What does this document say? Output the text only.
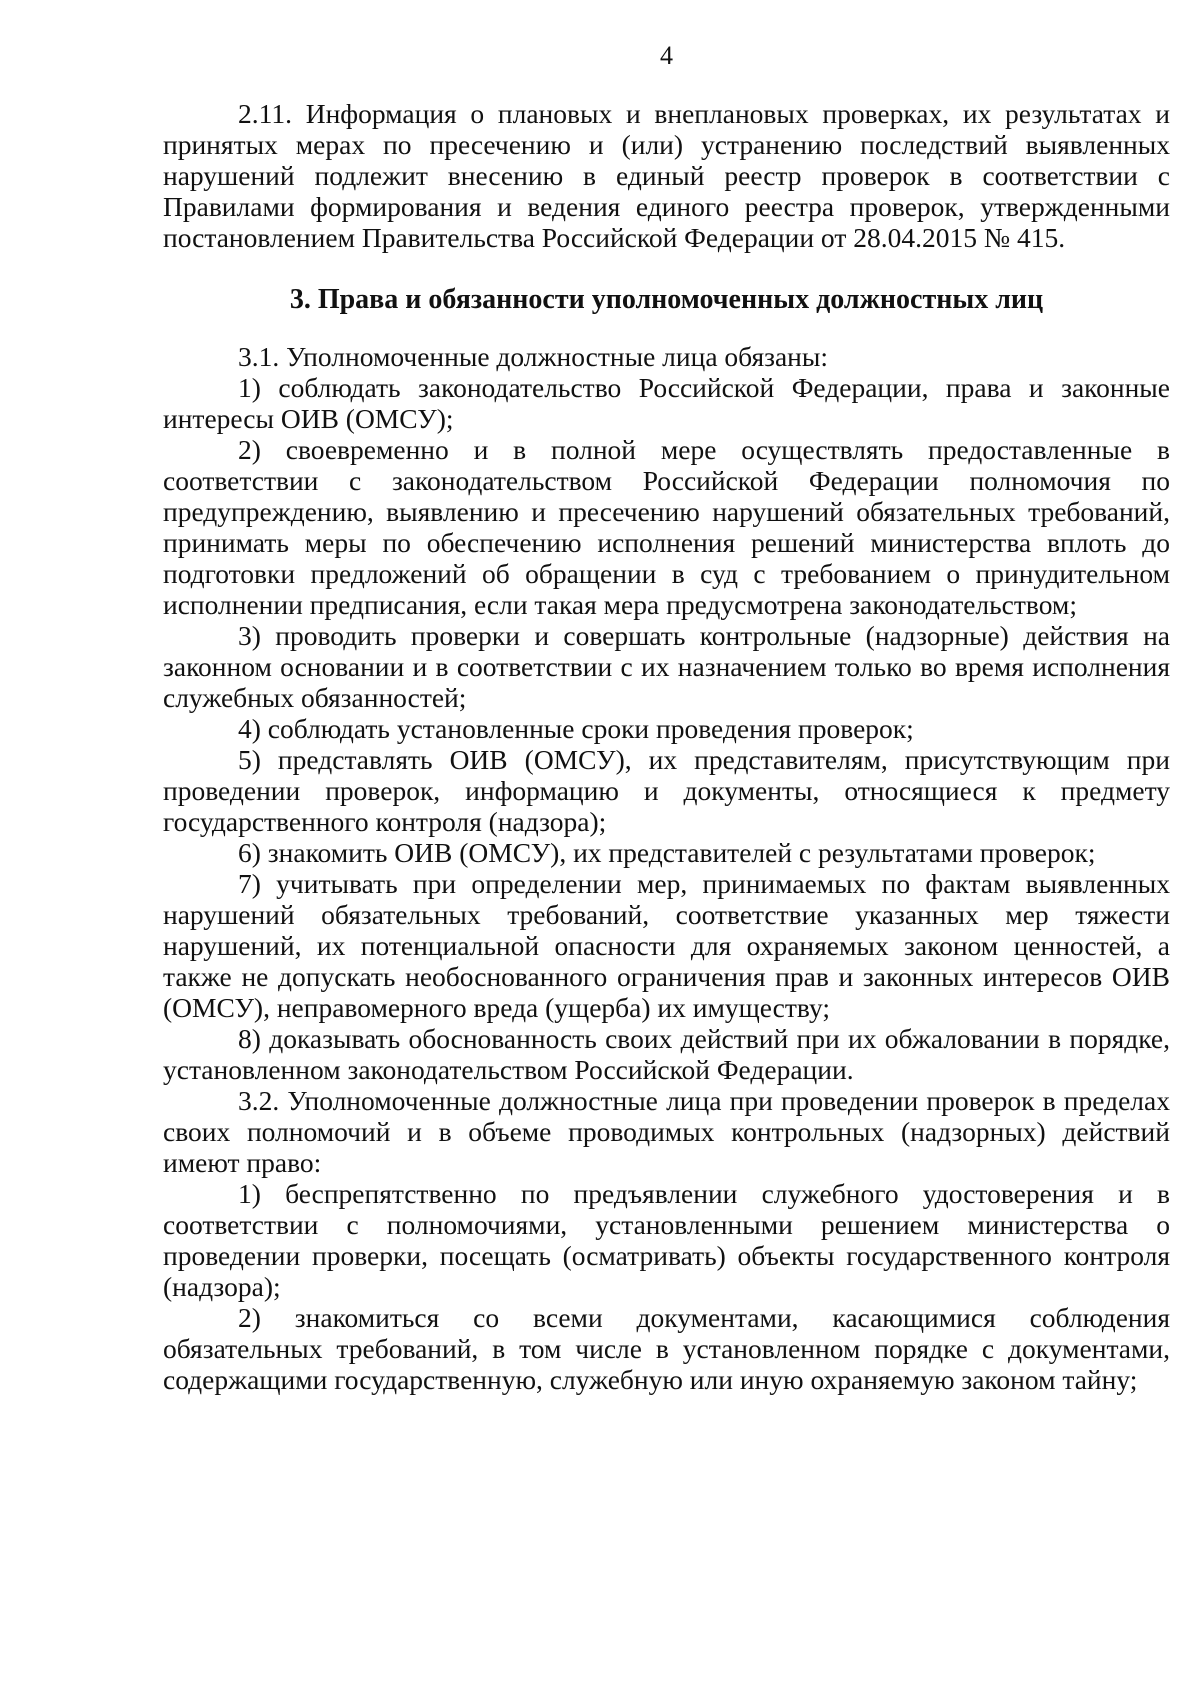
4

2.11. Информация о плановых и внеплановых проверках, их результатах и принятых мерах по пресечению и (или) устранению последствий выявленных нарушений подлежит внесению в единый реестр проверок в соответствии с Правилами формирования и ведения единого реестра проверок, утвержденными постановлением Правительства Российской Федерации от 28.04.2015 № 415.

3. Права и обязанности уполномоченных должностных лиц

3.1. Уполномоченные должностные лица обязаны:

1) соблюдать законодательство Российской Федерации, права и законные интересы ОИВ (ОМСУ);

2) своевременно и в полной мере осуществлять предоставленные в соответствии с законодательством Российской Федерации полномочия по предупреждению, выявлению и пресечению нарушений обязательных требований, принимать меры по обеспечению исполнения решений министерства вплоть до подготовки предложений об обращении в суд с требованием о принудительном исполнении предписания, если такая мера предусмотрена законодательством;

3) проводить проверки и совершать контрольные (надзорные) действия на законном основании и в соответствии с их назначением только во время исполнения служебных обязанностей;

4) соблюдать установленные сроки проведения проверок;

5) представлять ОИВ (ОМСУ), их представителям, присутствующим при проведении проверок, информацию и документы, относящиеся к предмету государственного контроля (надзора);

6) знакомить ОИВ (ОМСУ), их представителей с результатами проверок;

7) учитывать при определении мер, принимаемых по фактам выявленных нарушений обязательных требований, соответствие указанных мер тяжести нарушений, их потенциальной опасности для охраняемых законом ценностей, а также не допускать необоснованного ограничения прав и законных интересов ОИВ (ОМСУ), неправомерного вреда (ущерба) их имуществу;

8) доказывать обоснованность своих действий при их обжаловании в порядке, установленном законодательством Российской Федерации.

3.2. Уполномоченные должностные лица при проведении проверок в пределах своих полномочий и в объеме проводимых контрольных (надзорных) действий имеют право:

1) беспрепятственно по предъявлении служебного удостоверения и в соответствии с полномочиями, установленными решением министерства о проведении проверки, посещать (осматривать) объекты государственного контроля (надзора);

2) знакомиться со всеми документами, касающимися соблюдения обязательных требований, в том числе в установленном порядке с документами, содержащими государственную, служебную или иную охраняемую законом тайну;
